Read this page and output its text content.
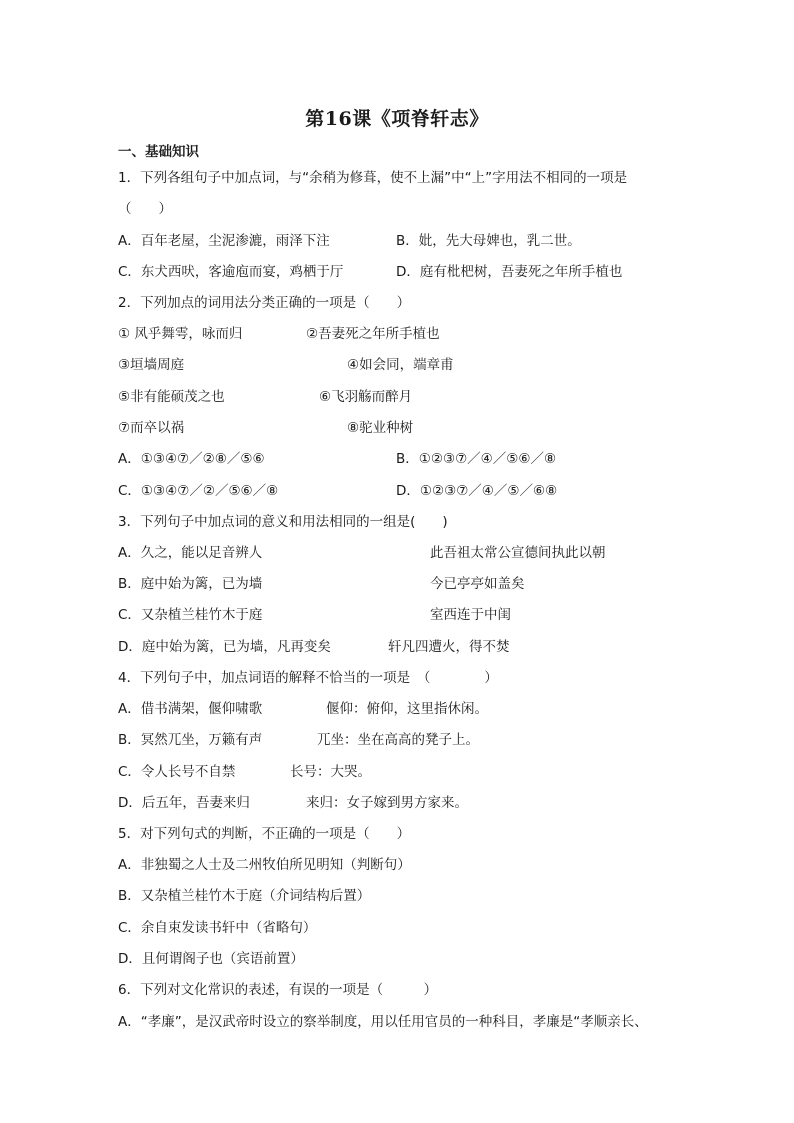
第16课《项脊轩志》
一、基础知识
1．下列各组句子中加点词，与“余稍为修葺，使不上漏”中“上”字用法不相同的一项是
（　　）
A．百年老屋，尘泥渗漉，雨泽下注	B．妣，先大母婢也，乳二世。
C．东犬西吠，客逾庖而宴，鸡栖于厅	D．庭有枇杷树，吾妻死之年所手植也
2．下列加点的词用法分类正确的一项是（　　）
① 风乎舞雩，咏而归	②吾妻死之年所手植也
③垣墙周庭	④如会同，端章甫
⑤非有能硕茂之也	⑥飞羽觞而醉月
⑦而卒以祸	⑧驼业种树
A．①③④⑦／②⑧／⑤⑥	B．①②③⑦／④／⑤⑥／⑧
C．①③④⑦／②／⑤⑥／⑧	D．①②③⑦／④／⑤／⑥⑧
3．下列句子中加点词的意义和用法相同的一组是(　　)
A．久之，能以足音辨人	此吾祖太常公宣德间执此以朝
B．庭中始为篱，已为墙	今已亭亭如盖矣
C．又杂植兰桂竹木于庭	室西连于中闺
D．庭中始为篱，已为墙，凡再变矣	轩凡四遭火，得不焚
4．下列句子中，加点词语的解释不恰当的一项是　（　　　　）
A．借书满架，偃仰啸歌	偃仰：俯仰，这里指休闲。
B．冥然兀坐，万籁有声	兀坐：坐在高高的凳子上。
C．令人长号不自禁	长号：大哭。
D．后五年，吾妻来归	来归：女子嫁到男方家来。
5．对下列句式的判断，不正确的一项是（　　）
A．非独蜀之人士及二州牧伯所见明知（判断句）
B．又杂植兰桂竹木于庭（介词结构后置）
C．余自束发读书轩中（省略句）
D．且何谓阁子也（宾语前置）
6．下列对文化常识的表述，有误的一项是（　　　）
A．“孝廉”，是汉武帝时设立的察举制度，用以任用官员的一种科目，孝廉是“孝顺亲长、
